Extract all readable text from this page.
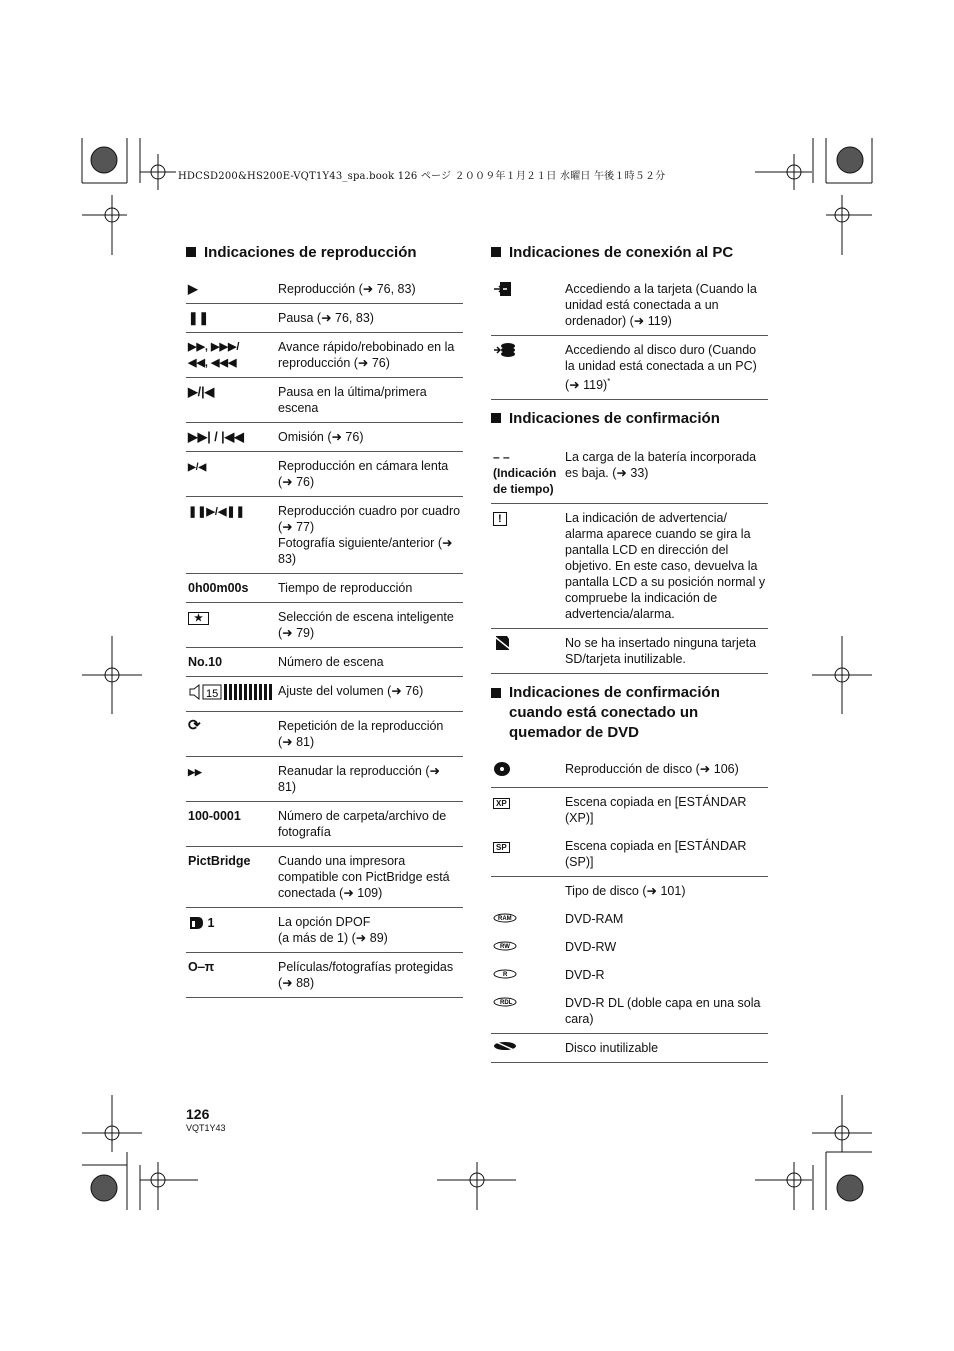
HDCSD200&HS200E-VQT1Y43_spa.book 126 ページ ２００９年１月２１日 水曜日 午後１時５２分
Indicaciones de reproducción
▶	Reproducción (➜ 76, 83)
❚❚	Pausa (➜ 76, 83)
▶▶, ▶▶▶/
◀◀, ◀◀◀	Avance rápido/rebobinado en la reproducción (➜ 76)
▶/|◀	Pausa en la última/primera escena
▶▶| / |◀◀	Omisión (➜ 76)
▶/◀	Reproducción en cámara lenta (➜ 76)
❚❚▶/◀❚❚	Reproducción cuadro por cuadro (➜ 77)
Fotografía siguiente/anterior (➜ 83)
0h00m00s	Tiempo de reproducción
★	Selección de escena inteligente (➜ 79)
No.10	Número de escena

15	Ajuste del volumen (➜ 76)
⟳	Repetición de la reproducción (➜ 81)
▶▶	Reanudar la reproducción (➜ 81)
100-0001	Número de carpeta/archivo de fotografía
PictBridge	Cuando una impresora compatible con PictBridge está conectada (➜ 109)
1	La opción DPOF
(a más de 1) (➜ 89)
O‒π	Películas/fotografías protegidas (➜ 88)
Indicaciones de conexión al PC
	Accediendo a la tarjeta (Cuando la unidad está conectada a un ordenador) (➜ 119)
	Accediendo al disco duro (Cuando la unidad está conectada a un PC) (➜ 119)*
Indicaciones de confirmación
– –
(Indicación de tiempo)	La carga de la batería incorporada es baja. (➜ 33)
!	La indicación de advertencia/ alarma aparece cuando se gira la pantalla LCD en dirección del objetivo. En este caso, devuelva la pantalla LCD a su posición normal y compruebe la indicación de advertencia/alarma.
	No se ha insertado ninguna tarjeta SD/tarjeta inutilizable.
Indicaciones de confirmación cuando está conectado un quemador de DVD
	Reproducción de disco (➜ 106)
XP	Escena copiada en [ESTÁNDAR (XP)]
SP	Escena copiada en [ESTÁNDAR (SP)]
	Tipo de disco (➜ 101)

RAM	DVD-RAM

RW	DVD-RW

R	DVD-R

RDL	DVD-R DL (doble capa en una sola cara)
	Disco inutilizable
126
VQT1Y43
